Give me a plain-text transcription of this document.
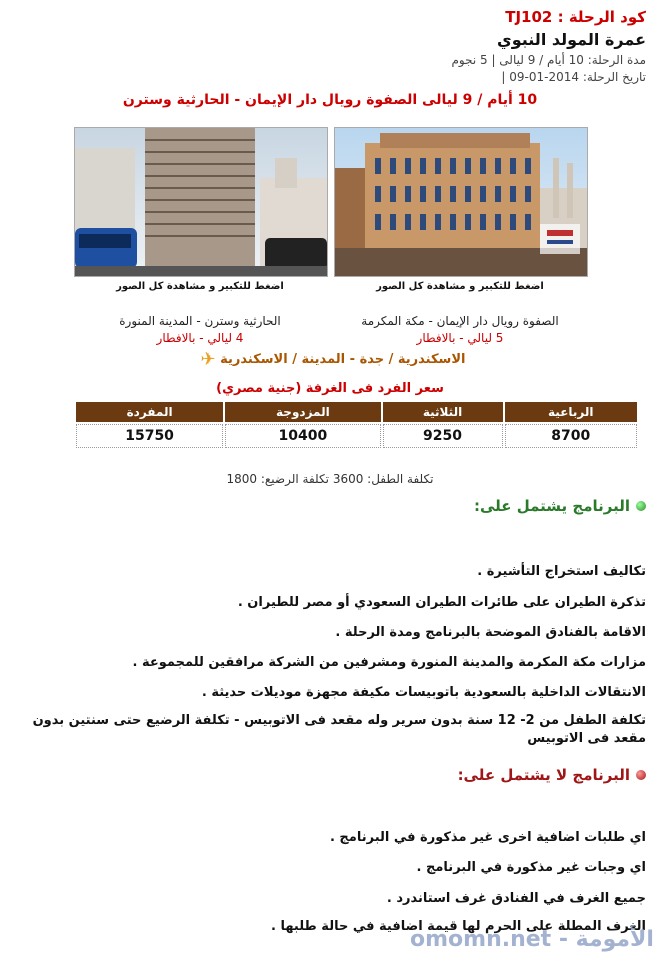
كود الرحلة : TJ102
عمرة المولد النبوي
مدة الرحلة: 10 أيام / 9 ليالى | 5 نجوم
تاريخ الرحلة: 2014-01-09 |
10 أيام / 9 ليالى الصفوة رويال دار الإيمان - الحارثية وسترن
اضغط للتكبير و مشاهدة كل الصور
اضغط للتكبير و مشاهدة كل الصور
الصفوة رويال دار الإيمان - مكة المكرمة
الحارثية وسترن - المدينة المنورة
5 ليالي - بالافطار
4 ليالي - بالافطار
الاسكندرية / جدة - المدينة / الاسكندرية ✈
سعر الفرد فى الغرفة (جنية مصري)
الرباعية	الثلاثية	المزدوجة	المفردة
8700	9250	10400	15750
تكلفة الطفل: 3600 تكلفة الرضيع: 1800
البرنامج يشتمل على:
تكاليف استخراج التأشيرة .
تذكرة الطيران على طائرات الطيران السعودي أو مصر للطيران .
الاقامة بالفنادق الموضحة بالبرنامج ومدة الرحلة .
مزارات مكة المكرمة والمدينة المنورة ومشرفين من الشركة مرافقين للمجموعة .
الانتقالات الداخلية بالسعودية باتوبيسات مكيفة مجهزة موديلات حديثة .
تكلفة الطفل من 2- 12 سنة بدون سرير وله مقعد فى الاتوبيس - تكلفة الرضيع حتى سنتين بدون مقعد فى الاتوبيس
البرنامج لا يشتمل على:
اي طلبات اضافية اخرى غير مذكورة في البرنامج .
اي وجبات غير مذكورة في البرنامج .
جميع الغرف في الفنادق غرف استاندرد .
الغرف المطلة على الحرم لها قيمة اضافية في حالة طلبها .
omomn.net - الأمومة
